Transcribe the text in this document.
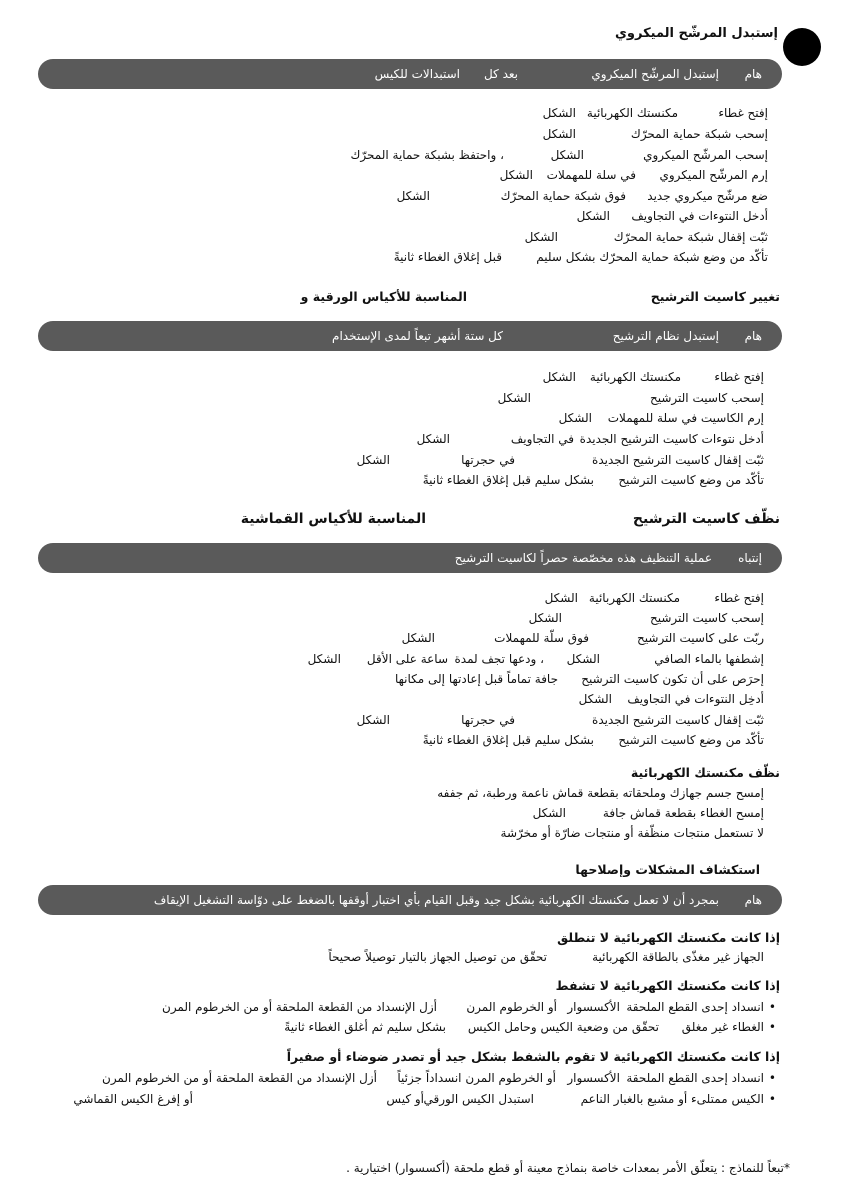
إستبدل المرشّح الميكروي
هام
إستبدل المرشّح الميكروي
بعد كل
استبدالات للكيس
إفتح غطاء
مكنستك الكهربائية
الشكل
إسحب شبكة حماية المحرّك
الشكل
إسحب المرشّح الميكروي
الشكل
، واحتفظ بشبكة حماية المحرّك
إرم المرشّح الميكروي
في سلة للمهملات
الشكل
ضع مرشّح ميكروي جديد
فوق شبكة حماية المحرّك
الشكل
أدخل النتوءات في التجاويف
الشكل
ثبّت إقفال شبكة حماية المحرّك
الشكل
تأكّد من وضع شبكة حماية المحرّك بشكل سليم
قبل إغلاق الغطاء ثانيةً
تغيير كاسيت الترشيح
المناسبة للأكياس الورقية و
هام
إستبدل نظام الترشيح
كل ستة أشهر
تبعاً لمدى الإستخدام
إفتح غطاء
مكنستك الكهربائية
الشكل
إسحب كاسيت الترشيح
الشكل
إرم الكاسيت في سلة للمهملات
الشكل
أدخل نتوءات كاسيت الترشيح الجديدة
في التجاويف
الشكل
ثبّت إقفال كاسيت الترشيح الجديدة
في حجرتها
الشكل
تأكّد من وضع كاسيت الترشيح
بشكل سليم قبل إغلاق الغطاء ثانيةً
نظّف كاسيت الترشيح
المناسبة للأكياس القماشية
إنتباه
عملية التنظيف هذه مخصّصة حصراً لكاسيت الترشيح
إفتح غطاء
مكنستك الكهربائية
الشكل
إسحب كاسيت الترشيح
الشكل
ربّت على كاسيت الترشيح
فوق سلّة للمهملات
الشكل
إشطفها بالماء الصافي
الشكل
، ودعها تجف لمدة
ساعة على الأقل
الشكل
إحرَص على أن تكون كاسيت الترشيح
جافة تماماً قبل إعادتها إلى مكانها
أدخِل النتوءات في التجاويف
الشكل
ثبّت إقفال كاسيت الترشيح الجديدة
في حجرتها
الشكل
تأكّد من وضع كاسيت الترشيح
بشكل سليم قبل إغلاق الغطاء ثانيةً
نظّف مكنستك الكهربائية
إمسح جسم جهازك وملحقاته بقطعة قماش ناعمة ورطبة، ثم جففه
إمسح الغطاء بقطعة قماش جافة
الشكل
لا تستعمل منتجات منظّفة أو منتجات ضارّة أو مخرّشة
استكشاف المشكلات وإصلاحها
هام
بمجرد أن لا تعمل مكنستك الكهربائية بشكل جيد وقبل القيام بأي اختبار أوقفها بالضغط على دوّاسة التشغيل الإيقاف
إذا كانت مكنستك الكهربائية لا تنطلق
الجهاز غير مغذّى بالطاقة الكهربائية
تحقّق من توصيل الجهاز بالتيار توصيلاً صحيحاً
إذا كانت مكنستك الكهربائية لا تشفط
انسداد إحدى القطع الملحقة
الأكسسوار
أو الخرطوم المرن
أزل الإنسداد من القطعة الملحقة أو من الخرطوم المرن
الغطاء غير مغلق
تحقّق من وضعية الكيس وحامل الكيس
بشكل سليم ثم أغلق الغطاء ثانيةً
إذا كانت مكنستك الكهربائية لا تقوم بالشفط بشكل جيد أو تصدر ضوضاء أو صفيراً
انسداد إحدى القطع الملحقة
الأكسسوار
أو الخرطوم المرن انسداداً جزئياً
أزل الإنسداد من القطعة الملحقة أو من الخرطوم المرن
الكيس ممتلىء أو مشبع بالغبار الناعم
استبدل الكيس الورقي
أو كيس
أو إفرغ الكيس القماشي
*تبعاً للنماذج : يتعلّق الأمر بمعدات خاصة بنماذج معينة أو قطع ملحقة (أكسسوار) اختيارية .
